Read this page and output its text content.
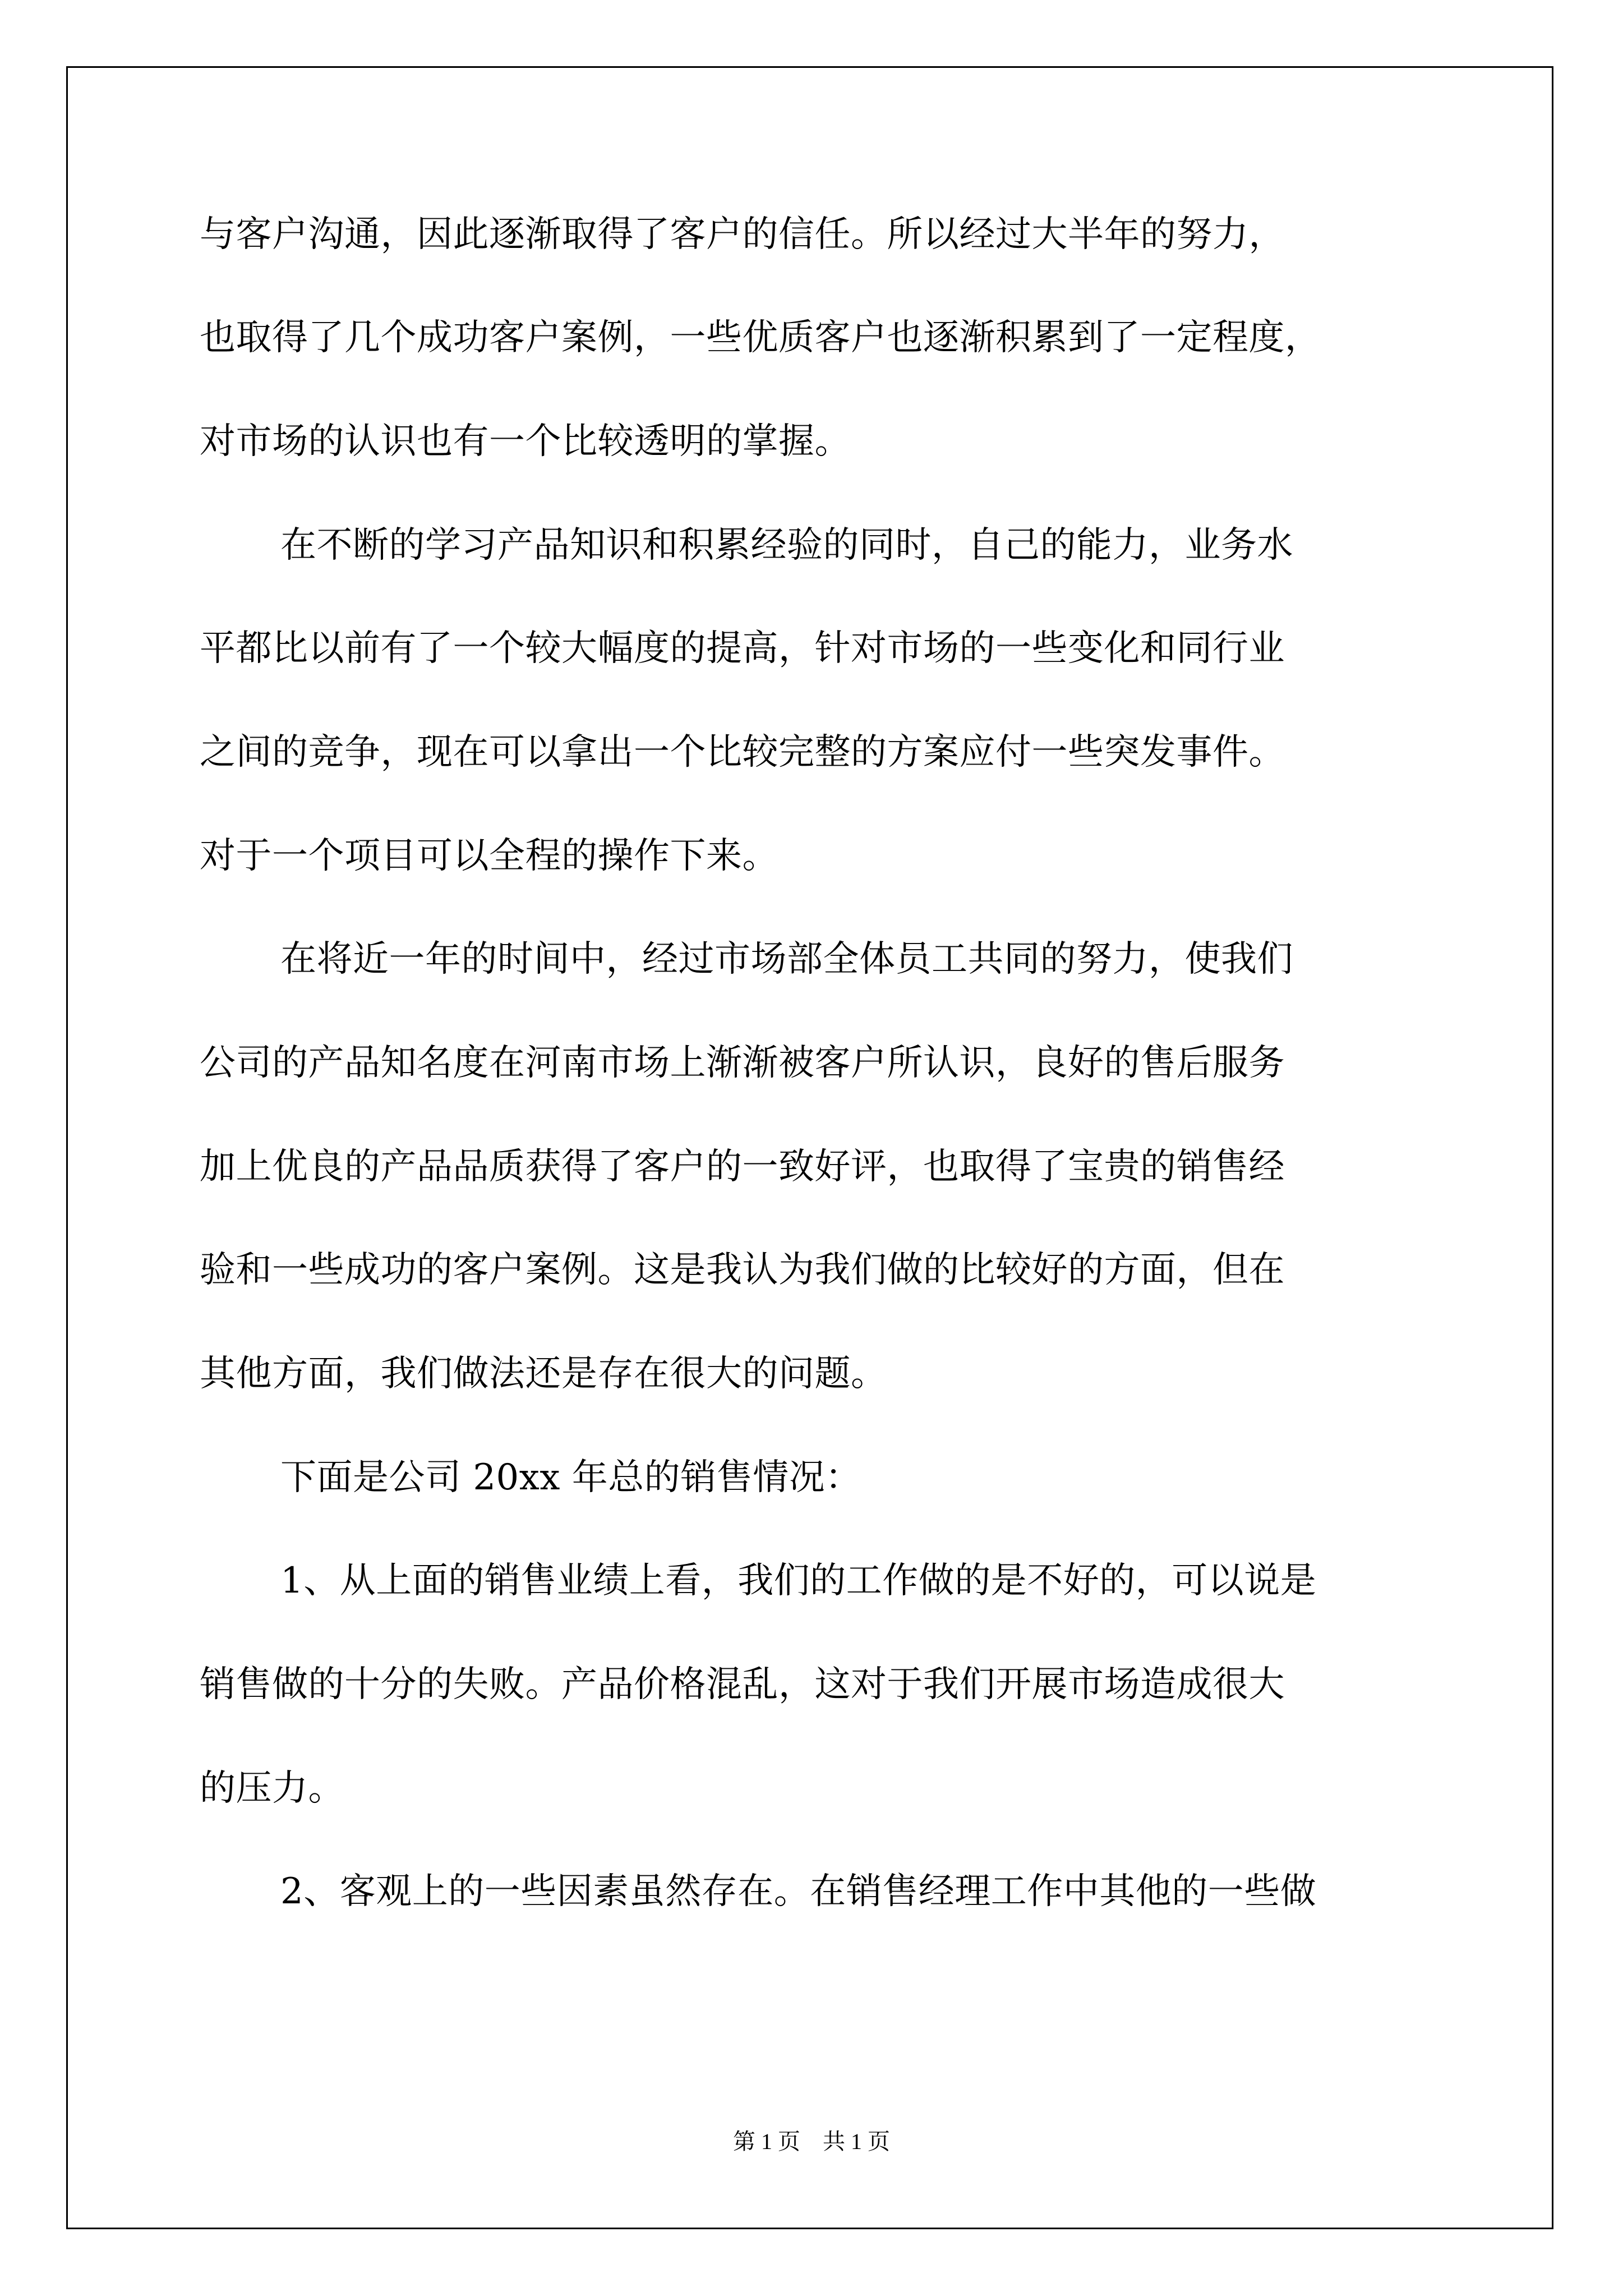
与客户沟通，因此逐渐取得了客户的信任。所以经过大半年的努力，
也取得了几个成功客户案例，一些优质客户也逐渐积累到了一定程度，
对市场的认识也有一个比较透明的掌握。
在不断的学习产品知识和积累经验的同时，自己的能力，业务水
平都比以前有了一个较大幅度的提高，针对市场的一些变化和同行业
之间的竞争，现在可以拿出一个比较完整的方案应付一些突发事件。
对于一个项目可以全程的操作下来。
在将近一年的时间中，经过市场部全体员工共同的努力，使我们
公司的产品知名度在河南市场上渐渐被客户所认识，良好的售后服务
加上优良的产品品质获得了客户的一致好评，也取得了宝贵的销售经
验和一些成功的客户案例。这是我认为我们做的比较好的方面，但在
其他方面，我们做法还是存在很大的问题。
下面是公司 20xx 年总的销售情况：
1、从上面的销售业绩上看，我们的工作做的是不好的，可以说是
销售做的十分的失败。产品价格混乱，这对于我们开展市场造成很大
的压力。
2、客观上的一些因素虽然存在。在销售经理工作中其他的一些做
第 1 页　共 1 页
